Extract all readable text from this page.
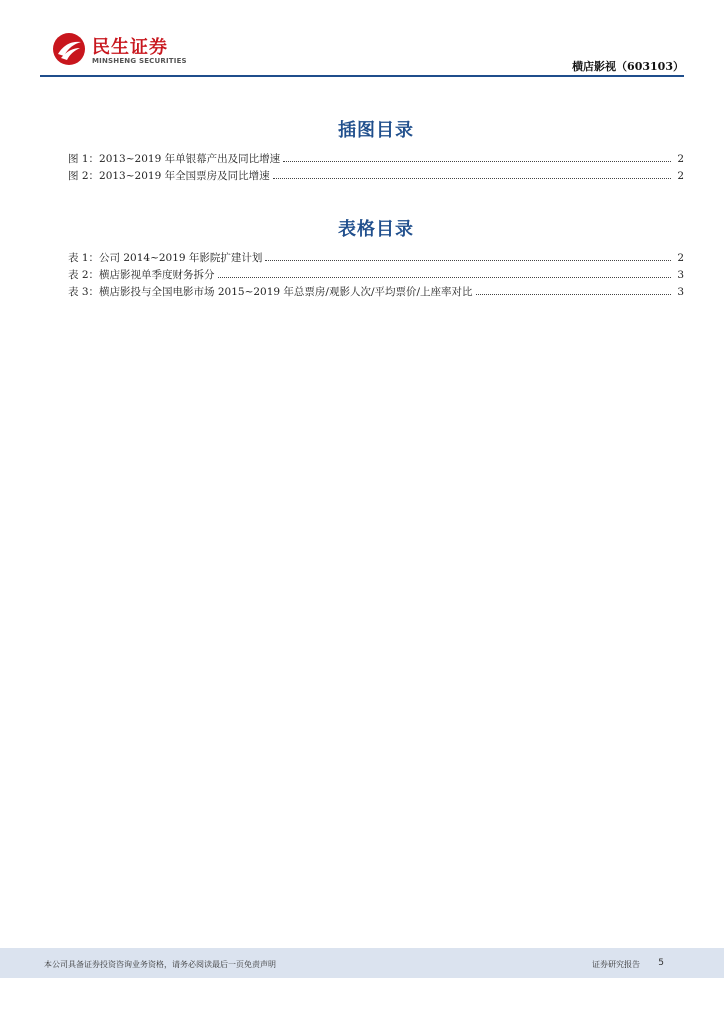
民生证券
MINSHENG SECURITIES	横店影视（603103）
插图目录
图 1：2013~2019 年单银幕产出及同比增速	2
图 2：2013~2019 年全国票房及同比增速	2
表格目录
表 1：公司 2014~2019 年影院扩建计划	2
表 2：横店影视单季度财务拆分	3
表 3：横店影投与全国电影市场 2015~2019 年总票房/观影人次/平均票价/上座率对比	3
本公司具备证券投资咨询业务资格，请务必阅读最后一页免责声明	证券研究报告 5
